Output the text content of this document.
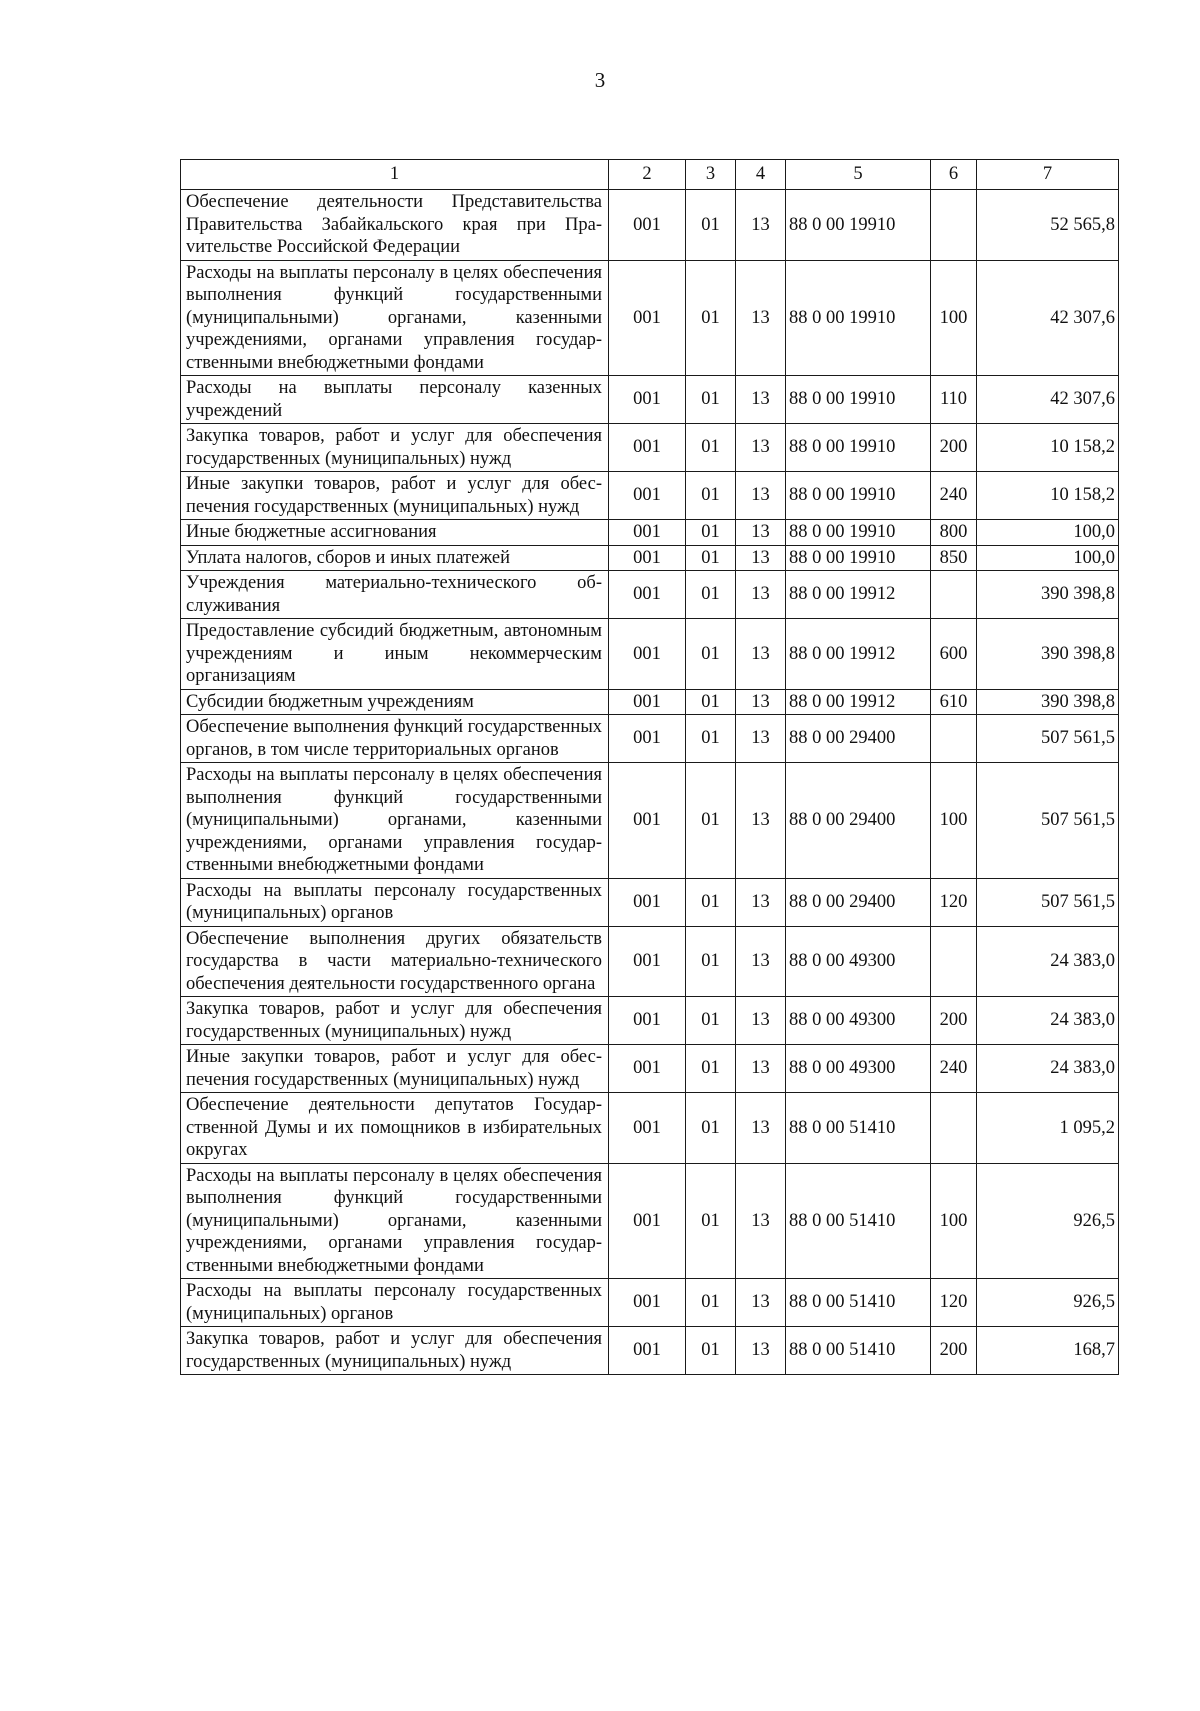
3
1	2	3	4	5	6	7
Обеспечение деятельности Представительства Правительства Забайкальского края при Праvительстве Российской Федерации	001	01	13	88 0 00 19910		52 565,8
Расходы на выплаты персоналу в целях обеспечения выполнения функций государственными (муниципальными) органами, казенными учреждениями, органами управления государственными внебюджетными фондами	001	01	13	88 0 00 19910	100	42 307,6
Расходы на выплаты персоналу казенных учреждений	001	01	13	88 0 00 19910	110	42 307,6
Закупка товаров, работ и услуг для обеспечения государственных (муниципальных) нужд	001	01	13	88 0 00 19910	200	10 158,2
Иные закупки товаров, работ и услуг для обеспечения государственных (муниципальных) нужд	001	01	13	88 0 00 19910	240	10 158,2
Иные бюджетные ассигнования	001	01	13	88 0 00 19910	800	100,0
Уплата налогов, сборов и иных платежей	001	01	13	88 0 00 19910	850	100,0
Учреждения материально-технического обслуживания	001	01	13	88 0 00 19912		390 398,8
Предоставление субсидий бюджетным, автономным учреждениям и иным некоммерческим организациям	001	01	13	88 0 00 19912	600	390 398,8
Субсидии бюджетным учреждениям	001	01	13	88 0 00 19912	610	390 398,8
Обеспечение выполнения функций государственных органов, в том числе территориальных органов	001	01	13	88 0 00 29400		507 561,5
Расходы на выплаты персоналу в целях обеспечения выполнения функций государственными (муниципальными) органами, казенными учреждениями, органами управления государственными внебюджетными фондами	001	01	13	88 0 00 29400	100	507 561,5
Расходы на выплаты персоналу государственных (муниципальных) органов	001	01	13	88 0 00 29400	120	507 561,5
Обеспечение выполнения других обязательств государства в части материально-технического обеспечения деятельности государственного органа	001	01	13	88 0 00 49300		24 383,0
Закупка товаров, работ и услуг для обеспечения государственных (муниципальных) нужд	001	01	13	88 0 00 49300	200	24 383,0
Иные закупки товаров, работ и услуг для обеспечения государственных (муниципальных) нужд	001	01	13	88 0 00 49300	240	24 383,0
Обеспечение деятельности депутатов Государственной Думы и их помощников в избирательных округах	001	01	13	88 0 00 51410		1 095,2
Расходы на выплаты персоналу в целях обеспечения выполнения функций государственными (муниципальными) органами, казенными учреждениями, органами управления государственными внебюджетными фондами	001	01	13	88 0 00 51410	100	926,5
Расходы на выплаты персоналу государственных (муниципальных) органов	001	01	13	88 0 00 51410	120	926,5
Закупка товаров, работ и услуг для обеспечения государственных (муниципальных) нужд	001	01	13	88 0 00 51410	200	168,7
